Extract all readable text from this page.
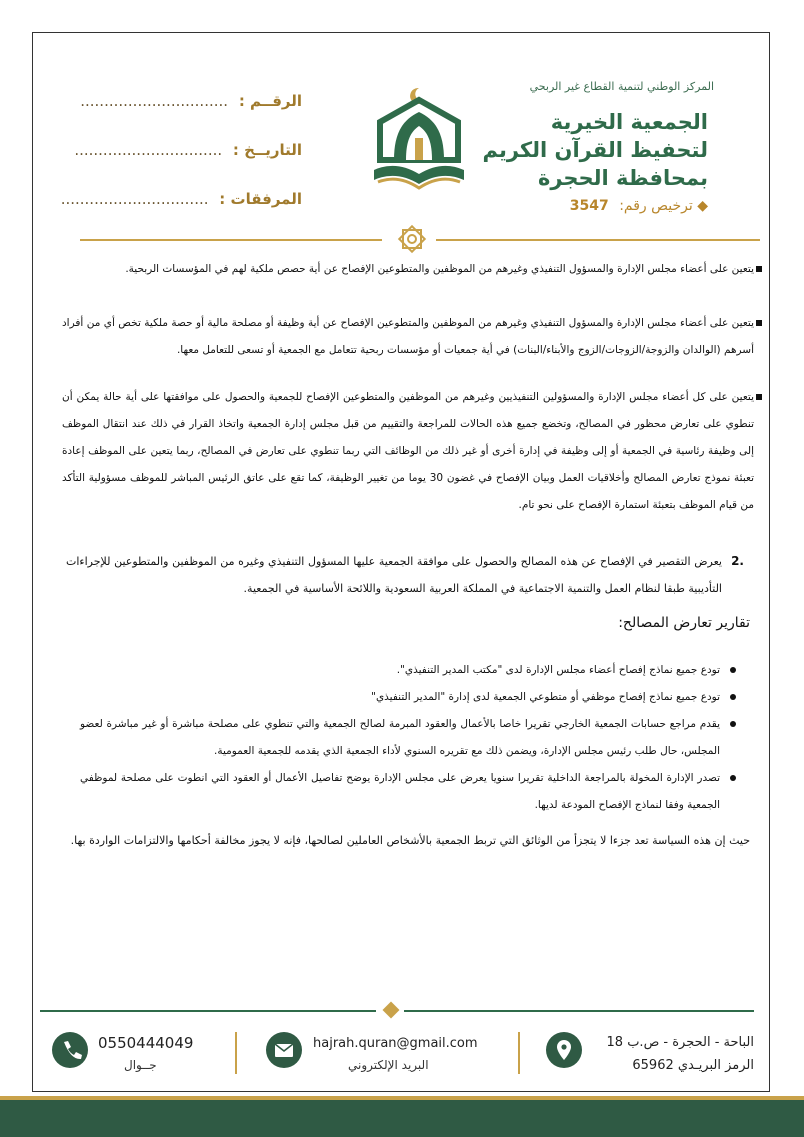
المركز الوطني لتنمية القطاع غير الربحي
الجمعية الخيرية
لتحفيظ القرآن الكريم
بمحافظة الحجرة
◆ ترخيص رقم: 3547
الرقــم : ...............................
التاريــخ : ...............................
المرفقات : ...............................
يتعين على أعضاء مجلس الإدارة والمسؤول التنفيذي وغيرهم من الموظفين والمتطوعين الإفصاح عن أية حصص ملكية لهم في المؤسسات الربحية.
يتعين على أعضاء مجلس الإدارة والمسؤول التنفيذي وغيرهم من الموظفين والمتطوعين الإفصاح عن أية وظيفة أو مصلحة مالية أو حصة ملكية تخص أي من أفراد أسرهم (الوالدان والزوجة/الزوجات/الزوج والأبناء/البنات) في أية جمعيات أو مؤسسات ربحية تتعامل مع الجمعية أو تسعى للتعامل معها.
يتعين على كل أعضاء مجلس الإدارة والمسؤولين التنفيذيين وغيرهم من الموظفين والمتطوعين الإفصاح للجمعية والحصول على موافقتها على أية حالة يمكن أن تنطوي على تعارض محظور في المصالح، وتخضع جميع هذه الحالات للمراجعة والتقييم من قبل مجلس إدارة الجمعية واتخاذ القرار في ذلك عند انتقال الموظف إلى وظيفة رئاسية في الجمعية أو إلى وظيفة في إدارة أخرى أو غير ذلك من الوظائف التي ربما تنطوي على تعارض في المصالح، ربما يتعين على الموظف إعادة تعبئة نموذج تعارض المصالح وأخلاقيات العمل وبيان الإفصاح في غضون 30 يوما من تغيير الوظيفة، كما تقع على عاتق الرئيس المباشر للموظف مسؤولية التأكد من قيام الموظف بتعبئة استمارة الإفصاح على نحو تام.
2.
يعرض التقصير في الإفصاح عن هذه المصالح والحصول على موافقة الجمعية عليها المسؤول التنفيذي وغيره من الموظفين والمتطوعين للإجراءات التأديبية طبقا لنظام العمل والتنمية الاجتماعية في المملكة العربية السعودية واللائحة الأساسية في الجمعية.
تقارير تعارض المصالح:
تودع جميع نماذج إفصاح أعضاء مجلس الإدارة لدى "مكتب المدير التنفيذي".
تودع جميع نماذج إفصاح موظفي أو متطوعي الجمعية لدى إدارة "المدير التنفيذي"
يقدم مراجع حسابات الجمعية الخارجي تقريرا خاصا بالأعمال والعقود المبرمة لصالح الجمعية والتي تنطوي على مصلحة مباشرة أو غير مباشرة لعضو المجلس، حال طلب رئيس مجلس الإدارة، ويضمن ذلك مع تقريره السنوي لأداء الجمعية الذي يقدمه للجمعية العمومية.
تصدر الإدارة المخولة بالمراجعة الداخلية تقريرا سنويا يعرض على مجلس الإدارة يوضح تفاصيل الأعمال أو العقود التي انطوت على مصلحة لموظفي الجمعية وفقا لنماذج الإفصاح المودعة لديها.
حيث إن هذه السياسة تعد جزءا لا يتجزأ من الوثائق التي تربط الجمعية بالأشخاص العاملين لصالحها، فإنه لا يجوز مخالفة أحكامها والالتزامات الواردة بها.
0550444049
جــوال
hajrah.quran@gmail.com
البريد الإلكتروني
الباحة - الحجرة - ص.ب 18
الرمز البريـدي 65962
